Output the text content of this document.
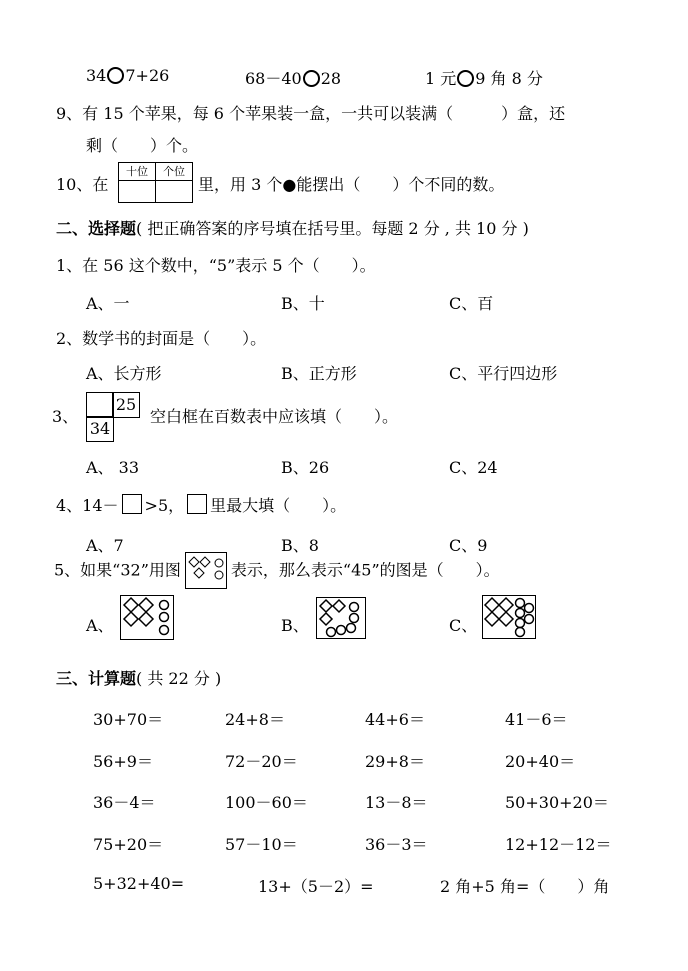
34 7+26	68－40 28	1 元 9 角 8 分
9、有 15 个苹果，每 6 个苹果装一盒，一共可以装满（　　　）盒，还
剩（　　）个。
10、在
十位	个位
里，用 3 个●能摆出（　　）个不同的数。
二、选择题( 把正确答案的序号填在括号里。每题 2 分 , 共 10 分 )
1、在 56 这个数中，“5”表示 5 个（　　）。
A、一	B、十	C、百
2、数学书的封面是（　　）。
A、长方形	B、正方形	C、平行四边形
3、
25
34
空白框在百数表中应该填（　　）。
A、 33	B、26	C、24
4、14－ >5， 里最大填（　　）。
A、7	B、8	C、9
5、如果“32”用图	表示，那么表示“45”的图是（　　）。
A、	B、	C、
三、计算题( 共 22 分 )
30+70＝	24+8＝	44+6＝	41－6＝
56+9＝	72－20＝	29+8＝	20+40＝
36－4＝	100－60＝	13－8＝	50+30+20＝
75+20＝	57－10＝	36－3＝	12+12－12＝
5+32+40=	13+（5－2）=	2 角+5 角=（　　）角
